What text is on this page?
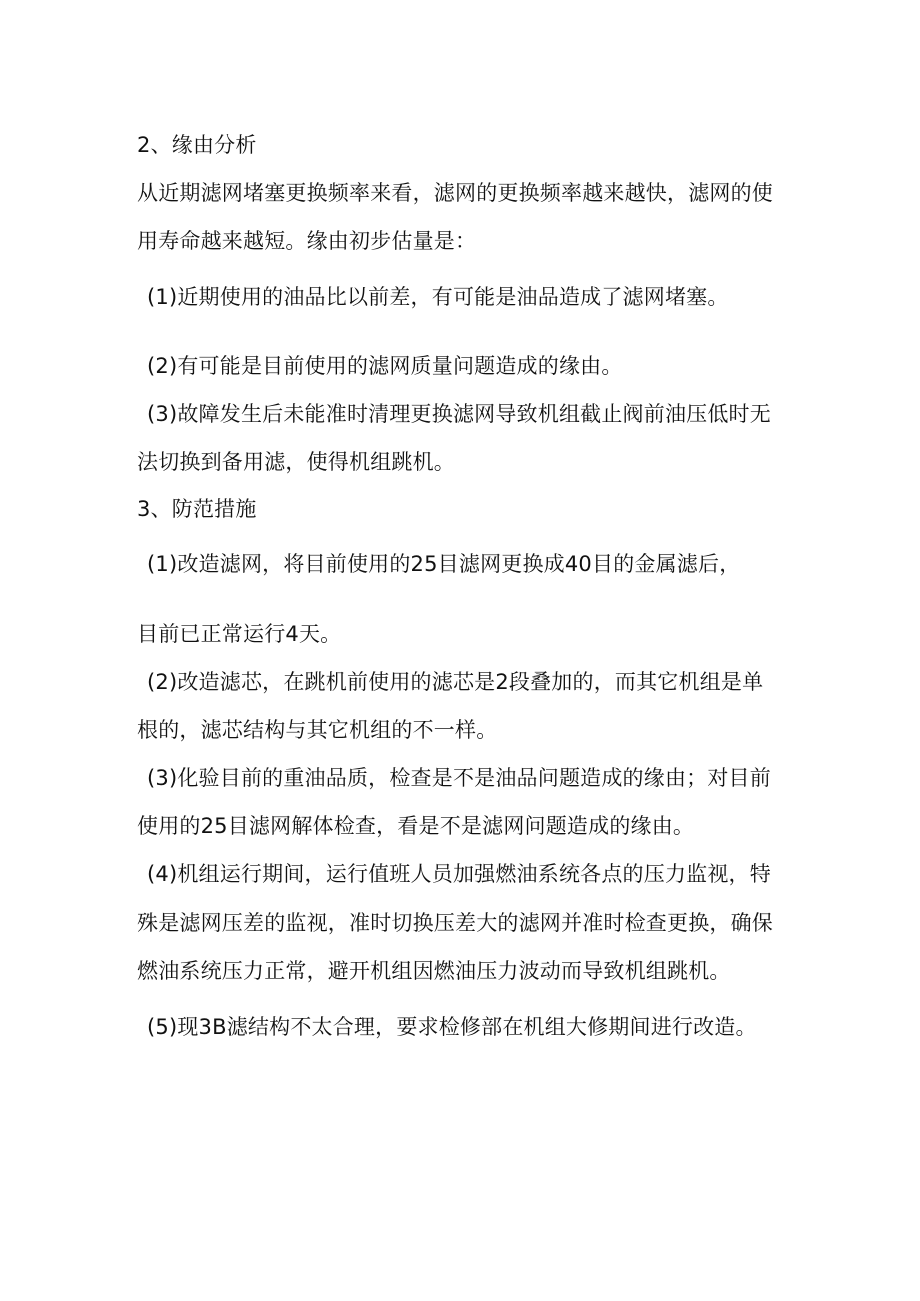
2、缘由分析
从近期滤网堵塞更换频率来看，滤网的更换频率越来越快，滤网的使
用寿命越来越短。缘由初步估量是：
(1)近期使用的油品比以前差，有可能是油品造成了滤网堵塞。
(2)有可能是目前使用的滤网质量问题造成的缘由。
(3)故障发生后未能准时清理更换滤网导致机组截止阀前油压低时无
法切换到备用滤，使得机组跳机。
3、防范措施
(1)改造滤网，将目前使用的25目滤网更换成40目的金属滤后，
目前已正常运行4天。
(2)改造滤芯，在跳机前使用的滤芯是2段叠加的，而其它机组是单
根的，滤芯结构与其它机组的不一样。
(3)化验目前的重油品质，检查是不是油品问题造成的缘由；对目前
使用的25目滤网解体检查，看是不是滤网问题造成的缘由。
(4)机组运行期间，运行值班人员加强燃油系统各点的压力监视，特
殊是滤网压差的监视，准时切换压差大的滤网并准时检查更换，确保
燃油系统压力正常，避开机组因燃油压力波动而导致机组跳机。
(5)现3B滤结构不太合理，要求检修部在机组大修期间进行改造。
